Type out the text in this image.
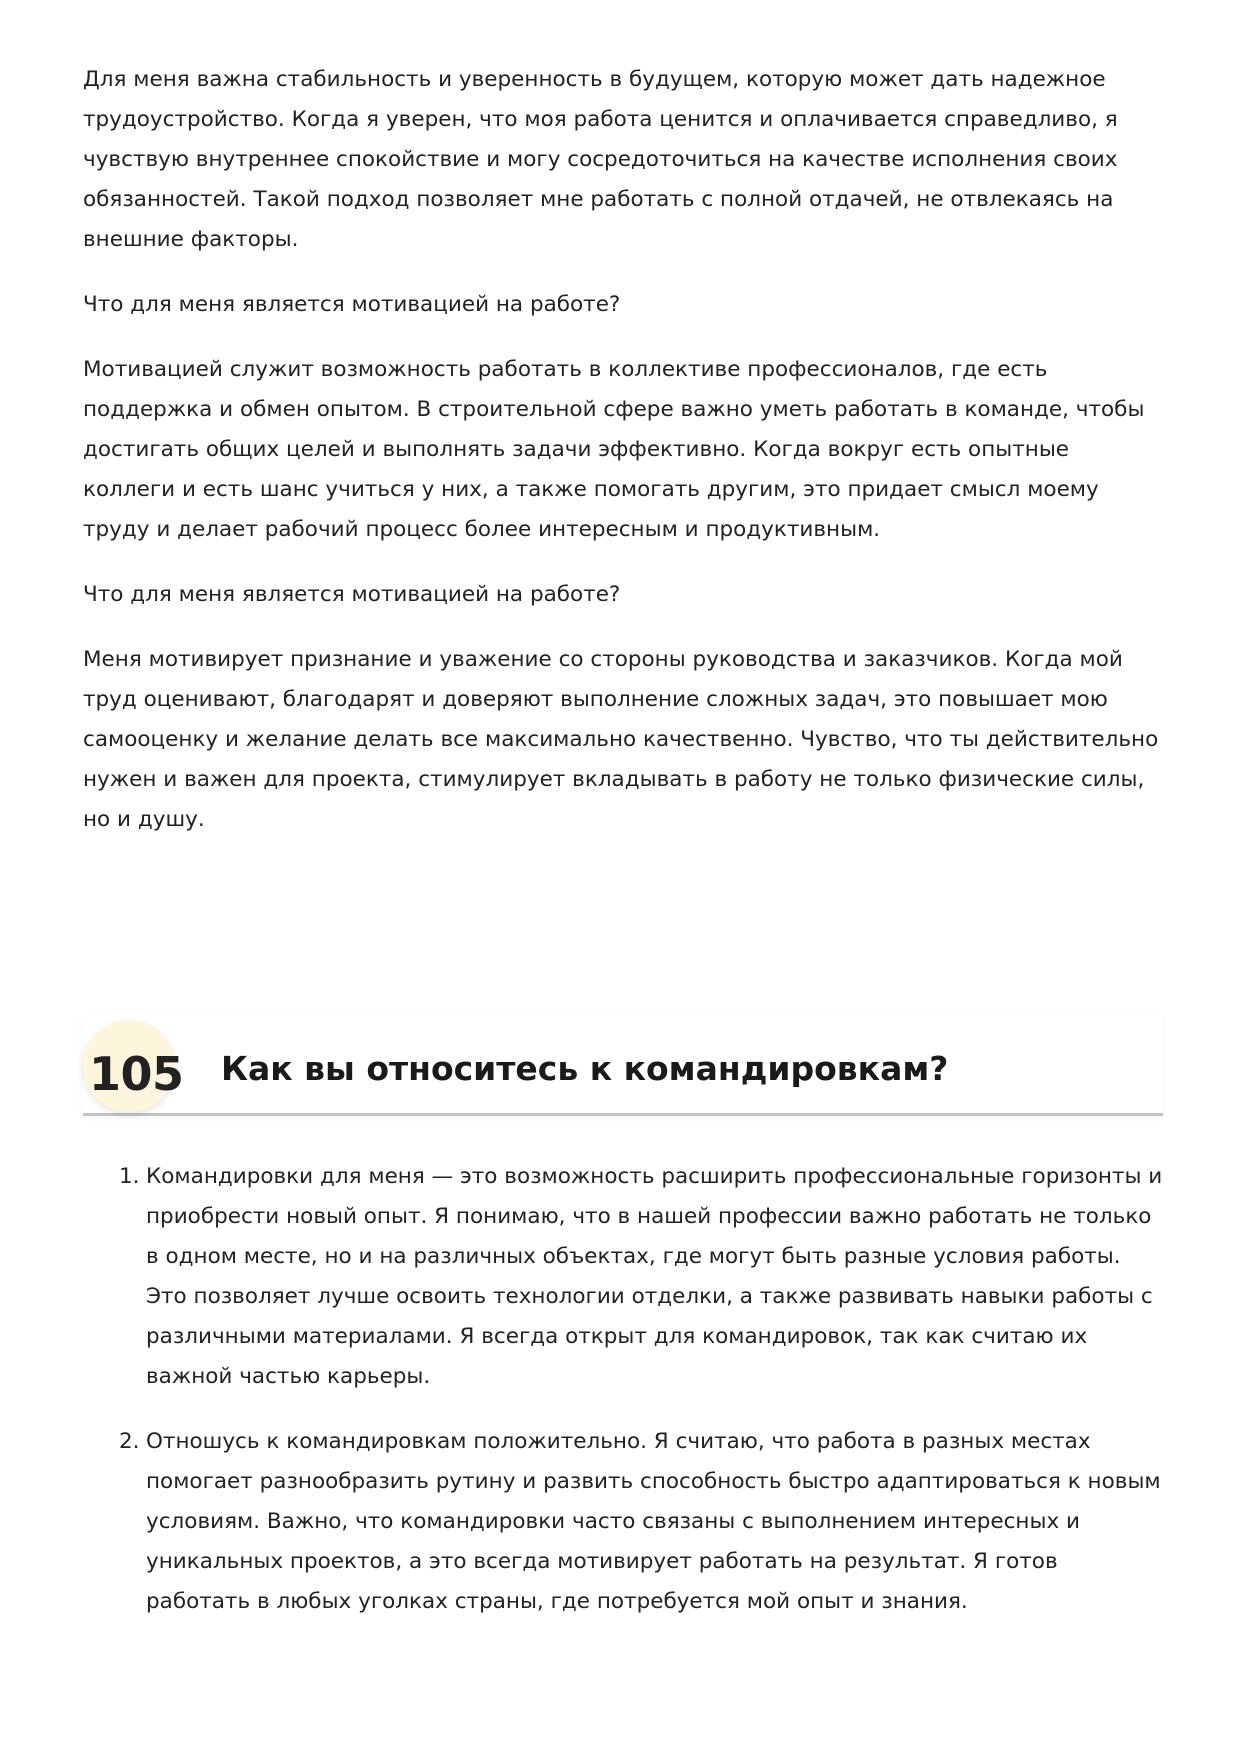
Для меня важна стабильность и уверенность в будущем, которую может дать надежное трудоустройство. Когда я уверен, что моя работа ценится и оплачивается справедливо, я чувствую внутреннее спокойствие и могу сосредоточиться на качестве исполнения своих обязанностей. Такой подход позволяет мне работать с полной отдачей, не отвлекаясь на внешние факторы.

Что для меня является мотивацией на работе?

Мотивацией служит возможность работать в коллективе профессионалов, где есть поддержка и обмен опытом. В строительной сфере важно уметь работать в команде, чтобы достигать общих целей и выполнять задачи эффективно. Когда вокруг есть опытные коллеги и есть шанс учиться у них, а также помогать другим, это придает смысл моему труду и делает рабочий процесс более интересным и продуктивным.

Что для меня является мотивацией на работе?

Меня мотивирует признание и уважение со стороны руководства и заказчиков. Когда мой труд оценивают, благодарят и доверяют выполнение сложных задач, это повышает мою самооценку и желание делать все максимально качественно. Чувство, что ты действительно нужен и важен для проекта, стимулирует вкладывать в работу не только физические силы, но и душу.

105 Как вы относитесь к командировкам?
1. Командировки для меня — это возможность расширить профессиональные горизонты и приобрести новый опыт. Я понимаю, что в нашей профессии важно работать не только в одном месте, но и на различных объектах, где могут быть разные условия работы. Это позволяет лучше освоить технологии отделки, а также развивать навыки работы с различными материалами. Я всегда открыт для командировок, так как считаю их важной частью карьеры.
2. Отношусь к командировкам положительно. Я считаю, что работа в разных местах помогает разнообразить рутину и развить способность быстро адаптироваться к новым условиям. Важно, что командировки часто связаны с выполнением интересных и уникальных проектов, а это всегда мотивирует работать на результат. Я готов работать в любых уголках страны, где потребуется мой опыт и знания.
